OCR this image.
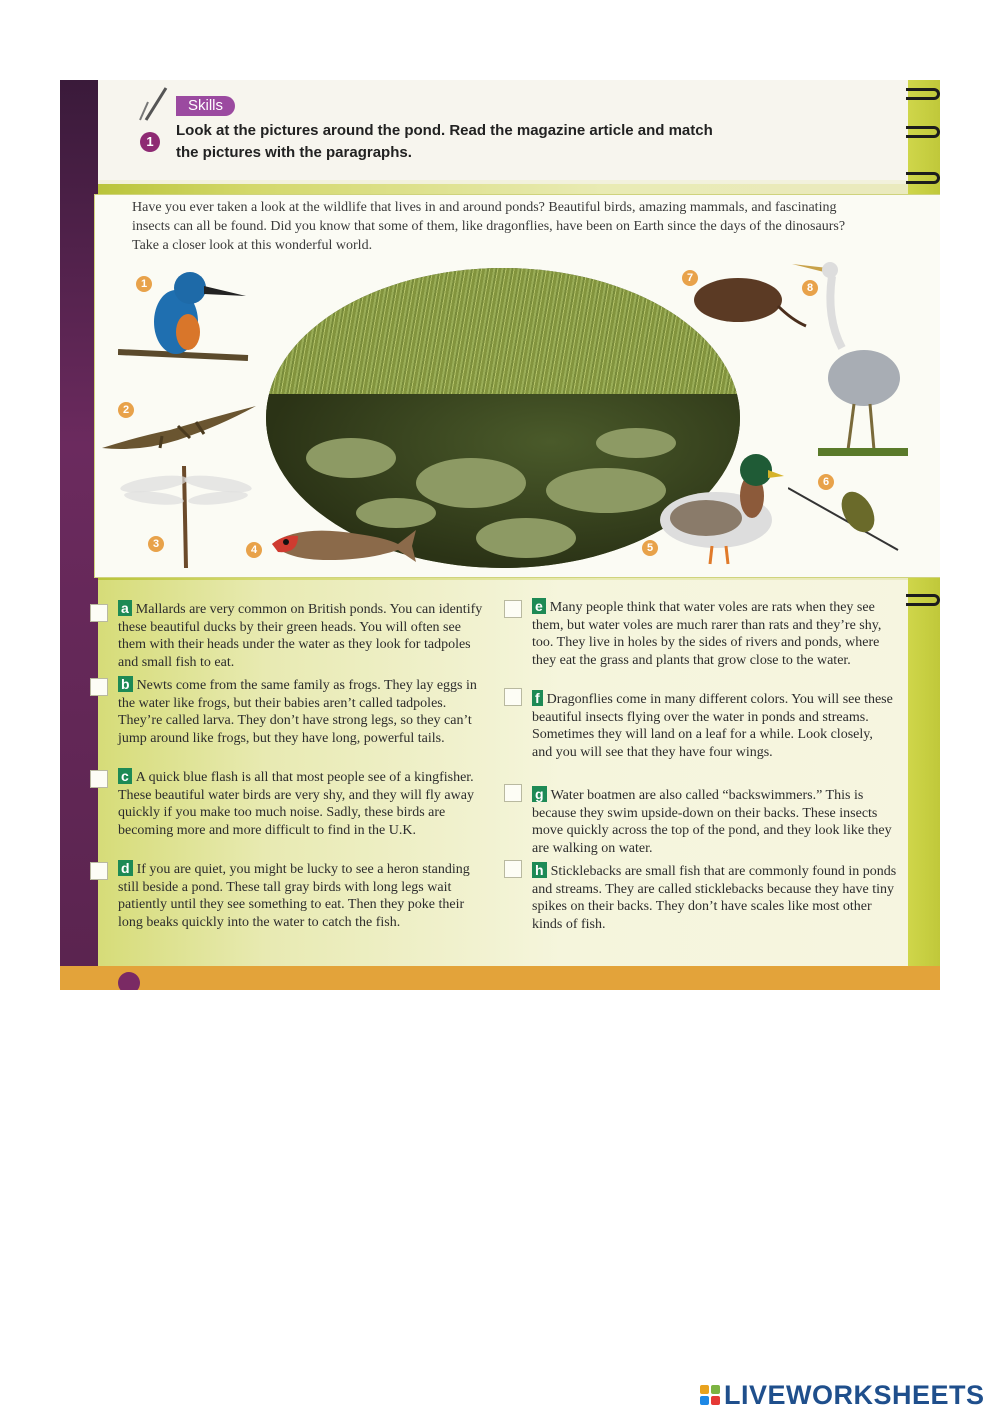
Skills
1
Look at the pictures around the pond. Read the magazine article and match the pictures with the paragraphs.
Have you ever taken a look at the wildlife that lives in and around ponds? Beautiful birds, amazing mammals, and fascinating insects can all be found. Did you know that some of them, like dragonflies, have been on Earth since the days of the dinosaurs? Take a closer look at this wonderful world.
1
2
3	4	5
6
7
8
a Mallards are very common on British ponds. You can identify these beautiful ducks by their green heads. You will often see them with their heads under the water as they look for tadpoles and small fish to eat.
b Newts come from the same family as frogs. They lay eggs in the water like frogs, but their babies aren’t called tadpoles. They’re called larva. They don’t have strong legs, so they can’t jump around like frogs, but they have long, powerful tails.
c A quick blue flash is all that most people see of a kingfisher. These beautiful water birds are very shy, and they will fly away quickly if you make too much noise. Sadly, these birds are becoming more and more difficult to find in the U.K.
d If you are quiet, you might be lucky to see a heron standing still beside a pond. These tall gray birds with long legs wait patiently until they see something to eat. Then they poke their long beaks quickly into the water to catch the fish.
e Many people think that water voles are rats when they see them, but water voles are much rarer than rats and they’re shy, too. They live in holes by the sides of rivers and ponds, where they eat the grass and plants that grow close to the water.
f Dragonflies come in many different colors. You will see these beautiful insects flying over the water in ponds and streams. Sometimes they will land on a leaf for a while. Look closely, and you will see that they have four wings.
g Water boatmen are also called “backswimmers.” This is because they swim upside-down on their backs. These insects move quickly across the top of the pond, and they look like they are walking on water.
h Sticklebacks are small fish that are commonly found in ponds and streams. They are called sticklebacks because they have tiny spikes on their backs. They don’t have scales like most other kinds of fish.
LIVEWORKSHEETS
